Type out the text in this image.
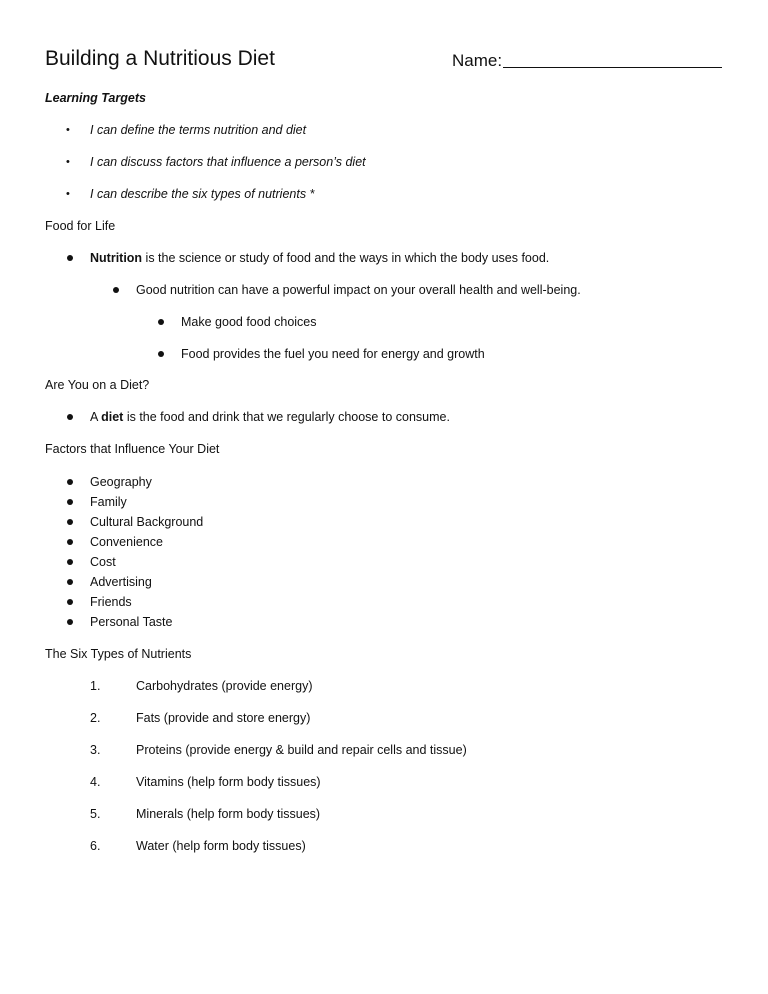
Building a Nutritious Diet	Name:
Learning Targets
• I can define the terms nutrition and diet
• I can discuss factors that influence a person’s diet
• I can describe the six types of nutrients *
Food for Life
Nutrition is the science or study of food and the ways in which the body uses food.
Good nutrition can have a powerful impact on your overall health and well-being.
Make good food choices
Food provides the fuel you need for energy and growth
Are You on a Diet?
A diet is the food and drink that we regularly choose to consume.
Factors that Influence Your Diet
Geography
Family
Cultural Background
Convenience
Cost
Advertising
Friends
Personal Taste
The Six Types of Nutrients
1.	Carbohydrates (provide energy)
2.	Fats (provide and store energy)
3.	Proteins (provide energy & build and repair cells and tissue)
4.	Vitamins (help form body tissues)
5.	Minerals (help form body tissues)
6.	Water (help form body tissues)
